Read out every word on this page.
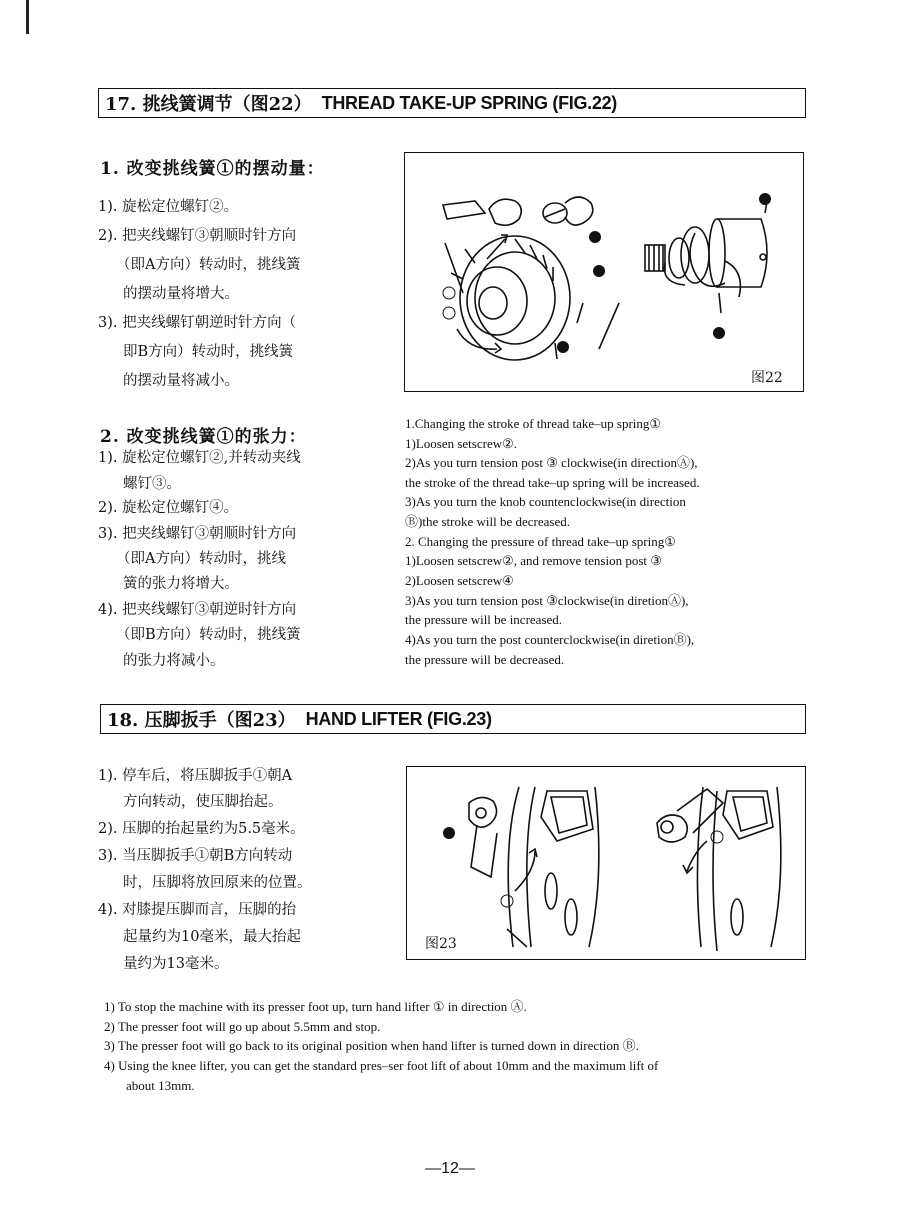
17. 挑线簧调节（图22） THREAD TAKE-UP SPRING (FIG.22)
1. 改变挑线簧①的摆动量：
1). 旋松定位螺钉②。
2). 把夹线螺钉③朝顺时针方向
（即A方向）转动时，挑线簧
的摆动量将增大。
3). 把夹线螺钉朝逆时针方向（
即B方向）转动时，挑线簧
的摆动量将减小。	图22
2. 改变挑线簧①的张力：
1). 旋松定位螺钉②,并转动夹线
螺钉③。
2). 旋松定位螺钉④。
3). 把夹线螺钉③朝顺时针方向
（即A方向）转动时，挑线
簧的张力将增大。
4). 把夹线螺钉③朝逆时针方向
（即B方向）转动时，挑线簧
的张力将减小。
1.Changing the stroke of thread take–up spring①
1)Loosen setscrew②.
2)As you turn tension post ③ clockwise(in directionⒶ),
the stroke of the thread take–up spring will be increased.
3)As you turn the knob countenclockwise(in direction
Ⓑ)the stroke will be decreased.
2. Changing the pressure of thread take–up spring①
1)Loosen setscrew②, and remove tension post ③
2)Loosen setscrew④
3)As you turn tension post ③clockwise(in diretionⒶ),
the pressure will be increased.
4)As you turn the post counterclockwise(in diretionⒷ),
the pressure will be decreased.
18. 压脚扳手（图23） HAND LIFTER (FIG.23)
1). 停车后，将压脚扳手①朝A
方向转动，使压脚抬起。
2). 压脚的抬起量约为5.5毫米。
3). 当压脚扳手①朝B方向转动
时，压脚将放回原来的位置。
4). 对膝提压脚而言，压脚的抬
起量约为10毫米，最大抬起
量约为13毫米。
图23
1) To stop the machine with its presser foot up, turn hand lifter ① in direction Ⓐ.
2) The presser foot will go up about 5.5mm and stop.
3) The presser foot will go back to its original position when hand lifter is turned down in direction Ⓑ.
4) Using the knee lifter, you can get the standard pres–ser foot lift of about 10mm and the maximum lift of
about 13mm.
—12—
